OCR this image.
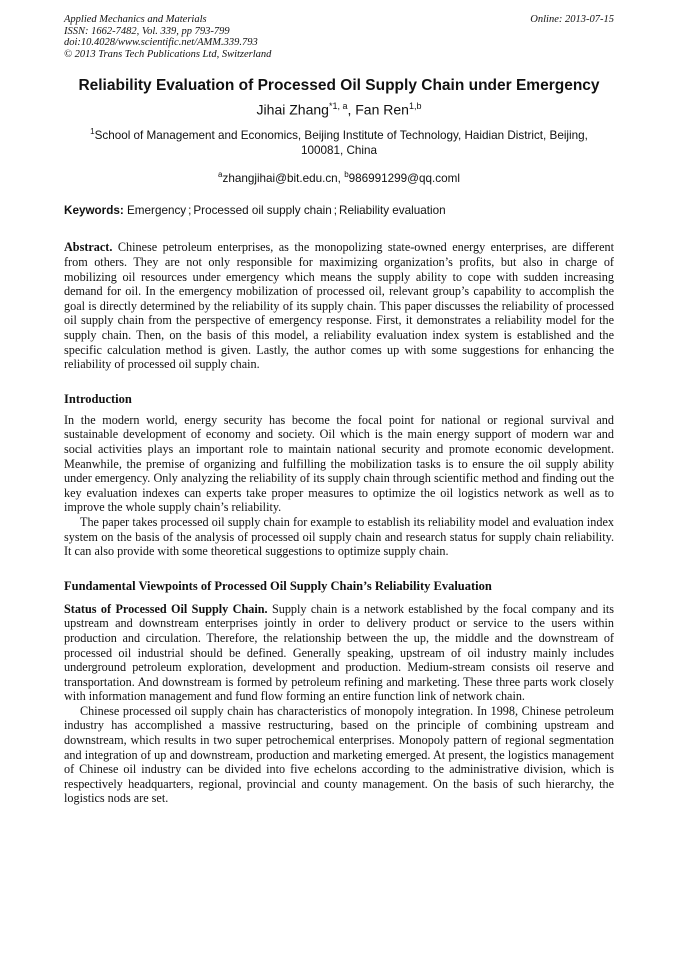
Applied Mechanics and Materials	Online: 2013-07-15
ISSN: 1662-7482, Vol. 339, pp 793-799
doi:10.4028/www.scientific.net/AMM.339.793
© 2013 Trans Tech Publications Ltd, Switzerland
Reliability Evaluation of Processed Oil Supply Chain under Emergency
Jihai Zhang$^{*1, a}$, Fan Ren$^{1,b}$
$^1$School of Management and Economics, Beijing Institute of Technology, Haidian District, Beijing,
100081, China
$^a$zhangjihai@bit.edu.cn, $^b$986991299@qq.coml
Keywords: Emergency ; Processed oil supply chain ; Reliability evaluation

Abstract. Chinese petroleum enterprises, as the monopolizing state-owned energy enterprises, are different from others. They are not only responsible for maximizing organization’s profits, but also in charge of mobilizing oil resources under emergency which means the supply ability to cope with sudden increasing demand for oil. In the emergency mobilization of processed oil, relevant group’s capability to accomplish the goal is directly determined by the reliability of its supply chain. This paper discusses the reliability of processed oil supply chain from the perspective of emergency response. First, it demonstrates a reliability model for the supply chain. Then, on the basis of this model, a reliability evaluation index system is established and the specific calculation method is given. Lastly, the author comes up with some suggestions for enhancing the reliability of processed oil supply chain.

Introduction

In the modern world, energy security has become the focal point for national or regional survival and sustainable development of economy and society. Oil which is the main energy support of modern war and social activities plays an important role to maintain national security and promote economic development. Meanwhile, the premise of organizing and fulfilling the mobilization tasks is to ensure the oil supply ability under emergency. Only analyzing the reliability of its supply chain through scientific method and finding out the key evaluation indexes can experts take proper measures to optimize the oil logistics network as well as to improve the whole supply chain’s reliability.

The paper takes processed oil supply chain for example to establish its reliability model and evaluation index system on the basis of the analysis of processed oil supply chain and research status for supply chain reliability. It can also provide with some theoretical suggestions to optimize supply chain.

Fundamental Viewpoints of Processed Oil Supply Chain’s Reliability Evaluation

Status of Processed Oil Supply Chain. Supply chain is a network established by the focal company and its upstream and downstream enterprises jointly in order to delivery product or service to the users within production and circulation. Therefore, the relationship between the up, the middle and the downstream of processed oil industrial should be defined. Generally speaking, upstream of oil industry mainly includes underground petroleum exploration, development and production. Medium-stream consists oil reserve and transportation. And downstream is formed by petroleum refining and marketing. These three parts work closely with information management and fund flow forming an entire function link of network chain.

Chinese processed oil supply chain has characteristics of monopoly integration. In 1998, Chinese petroleum industry has accomplished a massive restructuring, based on the principle of combining upstream and downstream, which results in two super petrochemical enterprises. Monopoly pattern of regional segmentation and integration of up and downstream, production and marketing emerged. At present, the logistics management of Chinese oil industry can be divided into five echelons according to the administrative division, which is respectively headquarters, regional, provincial and county management. On the basis of such hierarchy, the logistics nods are set.
